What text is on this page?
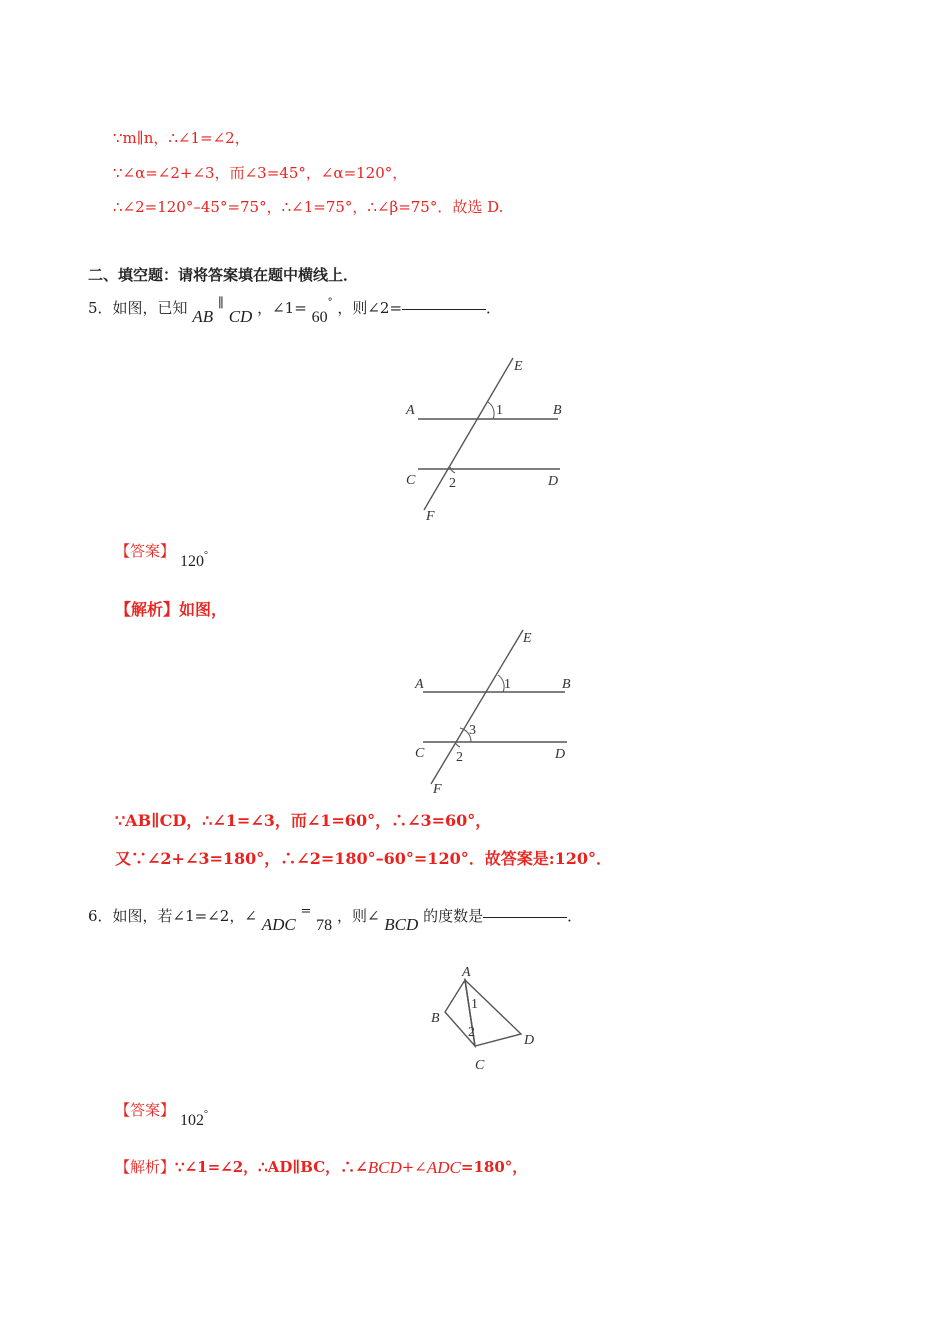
∵m∥n，∴∠1=∠2，
∵∠α=∠2+∠3，而∠3=45°，∠α=120°，
∴∠2=120°–45°=75°，∴∠1=75°，∴∠β=75°．故选 D.
二、填空题：请将答案填在题中横线上．
5．如图，已知 AB ∥ CD ，∠1= 60° ，则∠2=	．
E
A	1	B
C 2	D
F
【答案】
120°
【解析】如图，
E
A	1	B
3
C 2	D
F
∵AB∥CD，∴∠1=∠3，而∠1=60°，∴∠3=60°，
又∵∠2+∠3=180°，∴∠2=180°–60°=120°．故答案是:120°．
6．如图，若∠1=∠2，∠ ADC = 78 ，则∠ BCD 的度数是	．
A
1
B
2
D
C
【答案】
102°
【解析】∵∠1=∠2，∴AD∥BC，∴∠BCD+∠ADC=180°，
